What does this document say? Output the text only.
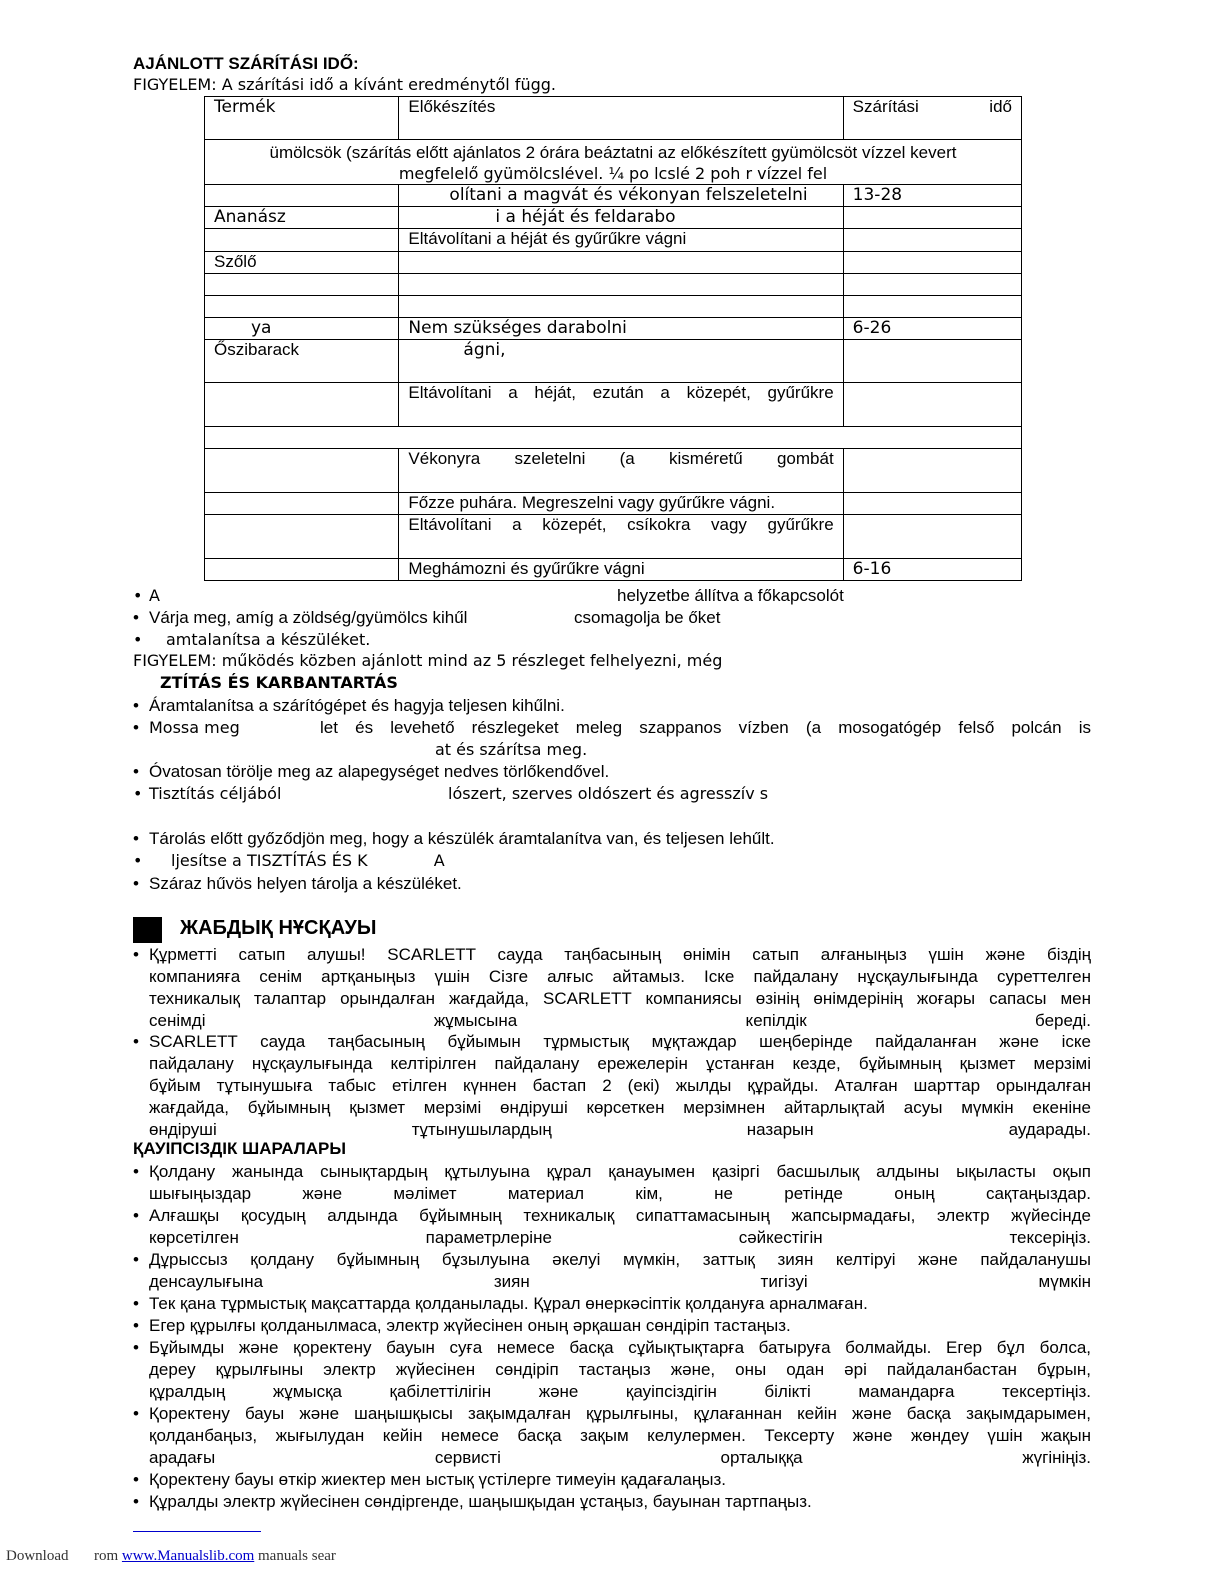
AJÁNLOTT SZÁRÍTÁSI IDŐ:
FIGYELEM: A szárítási idő a kívánt eredménytől függ.
Termék	Előkészítés	Szárítási idő
ümölcsök (szárítás előtt ajánlatos 2 órára beáztatni az előkészített gyümölcsöt vízzel kevert
megfelelő gyümölcslével. ¼ po lcslé 2 poh r vízzel fel		
	olítani a magvát és vékonyan felszeletelni	13-28
Ananász	i a héját és feldarabo	
	Eltávolítani a héját és gyűrűkre vágni	
Szőlő		

ya	Nem szükséges darabolni	6-26
Őszibarack	ágni,	
	Eltávolítani a héját, ezután a közepét, gyűrűkre	

	Vékonyra szeletelni (a kisméretű gombát	
	Főzze puhára. Megreszelni vagy gyűrűkre vágni.	
	Eltávolítani a közepét, csíkokra vagy gyűrűkre	
	Meghámozni és gyűrűkre vágni	6-16
• A	helyzetbe állítva a főkapcsolót
• Várja meg, amíg a zöldség/gyümölcs kihűl	csomagolja be őket
• amtalanítsa a készüléket.
FIGYELEM: működés közben ajánlott mind az 5 részleget felhelyezni, még
ZTÍTÁS ÉS KARBANTARTÁS
• Áramtalanítsa a szárítógépet és hagyja teljesen kihűlni.
• Mossa meg	let és levehető részlegeket meleg szappanos vízben (a mosogatógép felső polcán is
at és szárítsa meg.
• Óvatosan törölje meg az alapegységet nedves törlőkendővel.
• Tisztítás céljából	lószert, szerves oldószert és agresszív s
• Tárolás előtt győződjön meg, hogy a készülék áramtalanítva van, és teljesen lehűlt.
• ljesítse a TISZTÍTÁS ÉS K             A
• Száraz hűvös helyen tárolja a készüléket.
ЖАБДЫҚ НҰСҚАУЫ
• Құрметті сатып алушы! SCARLETT сауда таңбасының өнімін сатып алғаныңыз үшін және біздің
компанияға сенім артқаныңыз үшін Сізге алғыс айтамыз. Іске пайдалану нұсқаулығында суреттелген
техникалық талаптар орындалған жағдайда, SCARLETT компаниясы өзінің өнімдерінің жоғары сапасы мен
сенімді жұмысына кепілдік береді.
• SCARLETT сауда таңбасының бұйымын тұрмыстық мұқтаждар шеңберінде пайдаланған және іске
пайдалану нұсқаулығында келтірілген пайдалану ережелерін ұстанған кезде, бұйымның қызмет мерзімі
бұйым тұтынушыға табыс етілген күннен бастап 2 (екі) жылды құрайды. Аталған шарттар орындалған
жағдайда, бұйымның қызмет мерзімі өндіруші көрсеткен мерзімнен айтарлықтай асуы мүмкін екеніне
өндіруші тұтынушылардың назарын аударады.
ҚАУІПСІЗДІК ШАРАЛАРЫ
• Қолдану жанында сынықтардың құтылуына құрал қанауымен қазіргі басшылық алдыны ықыласты оқып
шығыңыздар және мәлімет материал кім, не ретінде оның сақтаңыздар.
• Алғашқы қосудың алдында бұйымның техникалық сипаттамасының жапсырмадағы, электр жүйесінде
көрсетілген параметрлеріне сәйкестігін тексеріңіз.
• Дұрыссыз қолдану бұйымның бұзылуына әкелуі мүмкін, заттық зиян келтіруі және пайдаланушы
денсаулығына зиян тигізуі мүмкін
• Тек қана тұрмыстық мақсаттарда қолданылады. Құрал өнеркәсіптік қолдануға арналмаған.
• Егер құрылғы қолданылмаса, электр жүйесінен оның әрқашан сөндіріп тастаңыз.
• Бұйымды және қоректену бауын суға немесе басқа сұйықтықтарға батыруға болмайды. Егер бұл болса,
дереу құрылғыны электр жүйесінен сөндіріп тастаңыз және, оны одан әрі пайдаланбастан бұрын,
құралдың жұмысқа қабілеттілігін және қауіпсіздігін білікті мамандарға тексертіңіз.
• Қоректену бауы және шаңышқысы зақымдалған құрылғыны, құлағаннан кейін және басқа зақымдарымен,
қолданбаңыз, жығылудан кейін немесе басқа зақым келулермен. Тексерту және жөндеу үшін жақын
арадағы сервисті орталыққа жүгініңіз.
• Қоректену бауы өткір жиектер мен ыстық үстілерге тимеуін қадағалаңыз.
• Құралды электр жүйесінен сөндіргенде, шаңышқыдан ұстаңыз, бауынан тартпаңыз.
Download rom www.Manualslib.com manuals sear
